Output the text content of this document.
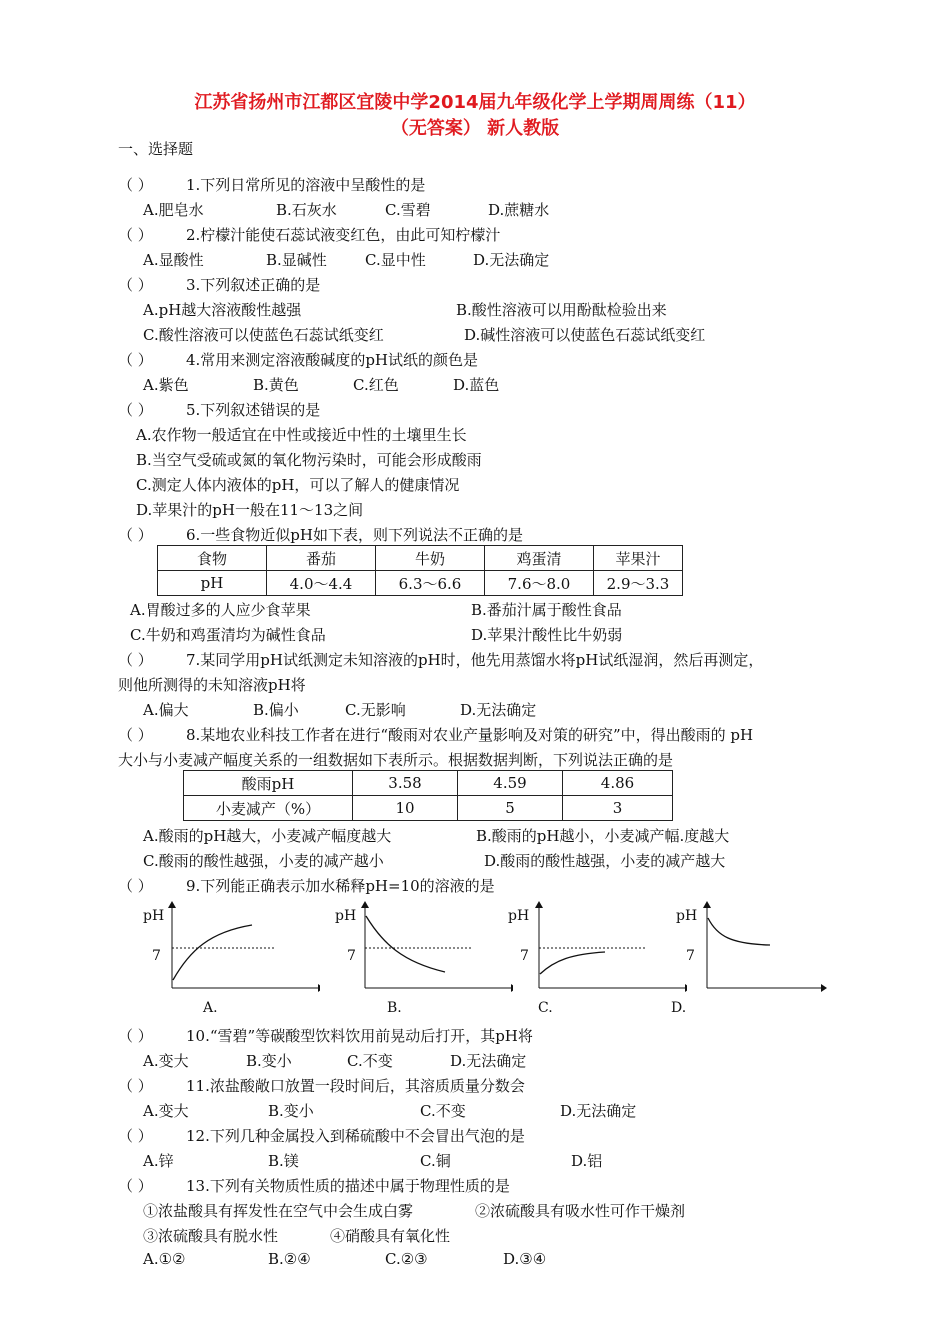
江苏省扬州市江都区宜陵中学2014届九年级化学上学期周周练（11）
（无答案） 新人教版
一、选择题
（ ） 1.下列日常所见的溶液中呈酸性的是
A.肥皂水	B.石灰水	C.雪碧	D.蔗糖水
（ ） 2.柠檬汁能使石蕊试液变红色，由此可知柠檬汁
A.显酸性	B.显碱性	C.显中性	D.无法确定
（ ） 3.下列叙述正确的是
A.pH越大溶液酸性越强	B.酸性溶液可以用酚酞检验出来
C.酸性溶液可以使蓝色石蕊试纸变红	D.碱性溶液可以使蓝色石蕊试纸变红
（ ） 4.常用来测定溶液酸碱度的pH试纸的颜色是
A.紫色	B.黄色	C.红色	D.蓝色
（ ） 5.下列叙述错误的是
A.农作物一般适宜在中性或接近中性的土壤里生长
B.当空气受硫或氮的氧化物污染时，可能会形成酸雨
C.测定人体内液体的pH，可以了解人的健康情况
D.苹果汁的pH一般在11～13之间
（ ） 6.一些食物近似pH如下表，则下列说法不正确的是
食物	番茄	牛奶	鸡蛋清	苹果汁
pH	4.0～4.4	6.3～6.6	7.6～8.0	2.9～3.3
A.胃酸过多的人应少食苹果	B.番茄汁属于酸性食品
C.牛奶和鸡蛋清均为碱性食品	D.苹果汁酸性比牛奶弱
（ ） 7.某同学用pH试纸测定未知溶液的pH时，他先用蒸馏水将pH试纸湿润，然后再测定，
则他所测得的未知溶液pH将
A.偏大	B.偏小	C.无影响	D.无法确定
（ ） 8.某地农业科技工作者在进行“酸雨对农业产量影响及对策的研究”中，得出酸雨的 pH
大小与小麦减产幅度关系的一组数据如下表所示。根据数据判断，下列说法正确的是
酸雨pH	3.58	4.59	4.86
小麦减产（%）	10	5	3
A.酸雨的pH越大，小麦减产幅度越大	B.酸雨的pH越小，小麦减产幅.度越大
C.酸雨的酸性越强，小麦的减产越小	D.酸雨的酸性越强，小麦的减产越大
（ ） 9.下列能正确表示加水稀释pH=10的溶液的是
pH
7
A.
pH
7
B.
pH
7
C.
pH
7
D.
（ ） 10.“雪碧”等碳酸型饮料饮用前晃动后打开，其pH将
A.变大	B.变小	C.不变	D.无法确定
（ ） 11.浓盐酸敞口放置一段时间后，其溶质质量分数会
A.变大	B.变小	C.不变	D.无法确定
（ ） 12.下列几种金属投入到稀硫酸中不会冒出气泡的是
A.锌	B.镁	C.铜	D.铝
（ ） 13.下列有关物质性质的描述中属于物理性质的是
①浓盐酸具有挥发性在空气中会生成白雾	②浓硫酸具有吸水性可作干燥剂
③浓硫酸具有脱水性	④硝酸具有氧化性
A.①②	B.②④	C.②③	D.③④
